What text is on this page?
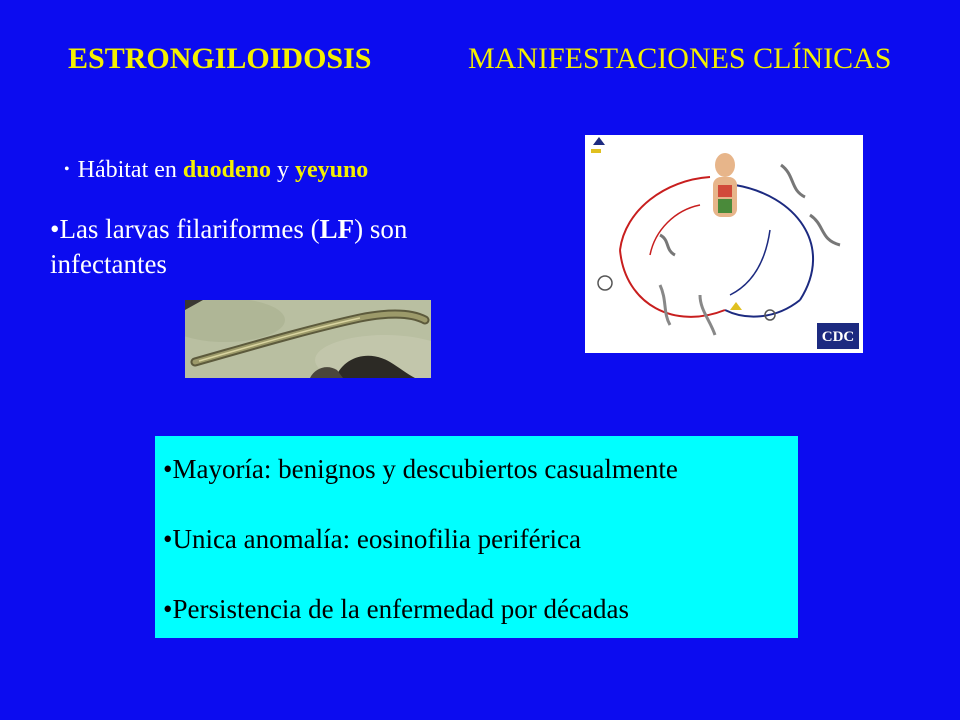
ESTRONGILOIDOSIS	MANIFESTACIONES CLÍNICAS
• Hábitat en duodeno y yeyuno
•Las larvas filariformes (LF) son infectantes
CDC
•Mayoría: benignos y descubiertos casualmente
•Unica anomalía: eosinofilia periférica
•Persistencia de la enfermedad por décadas
